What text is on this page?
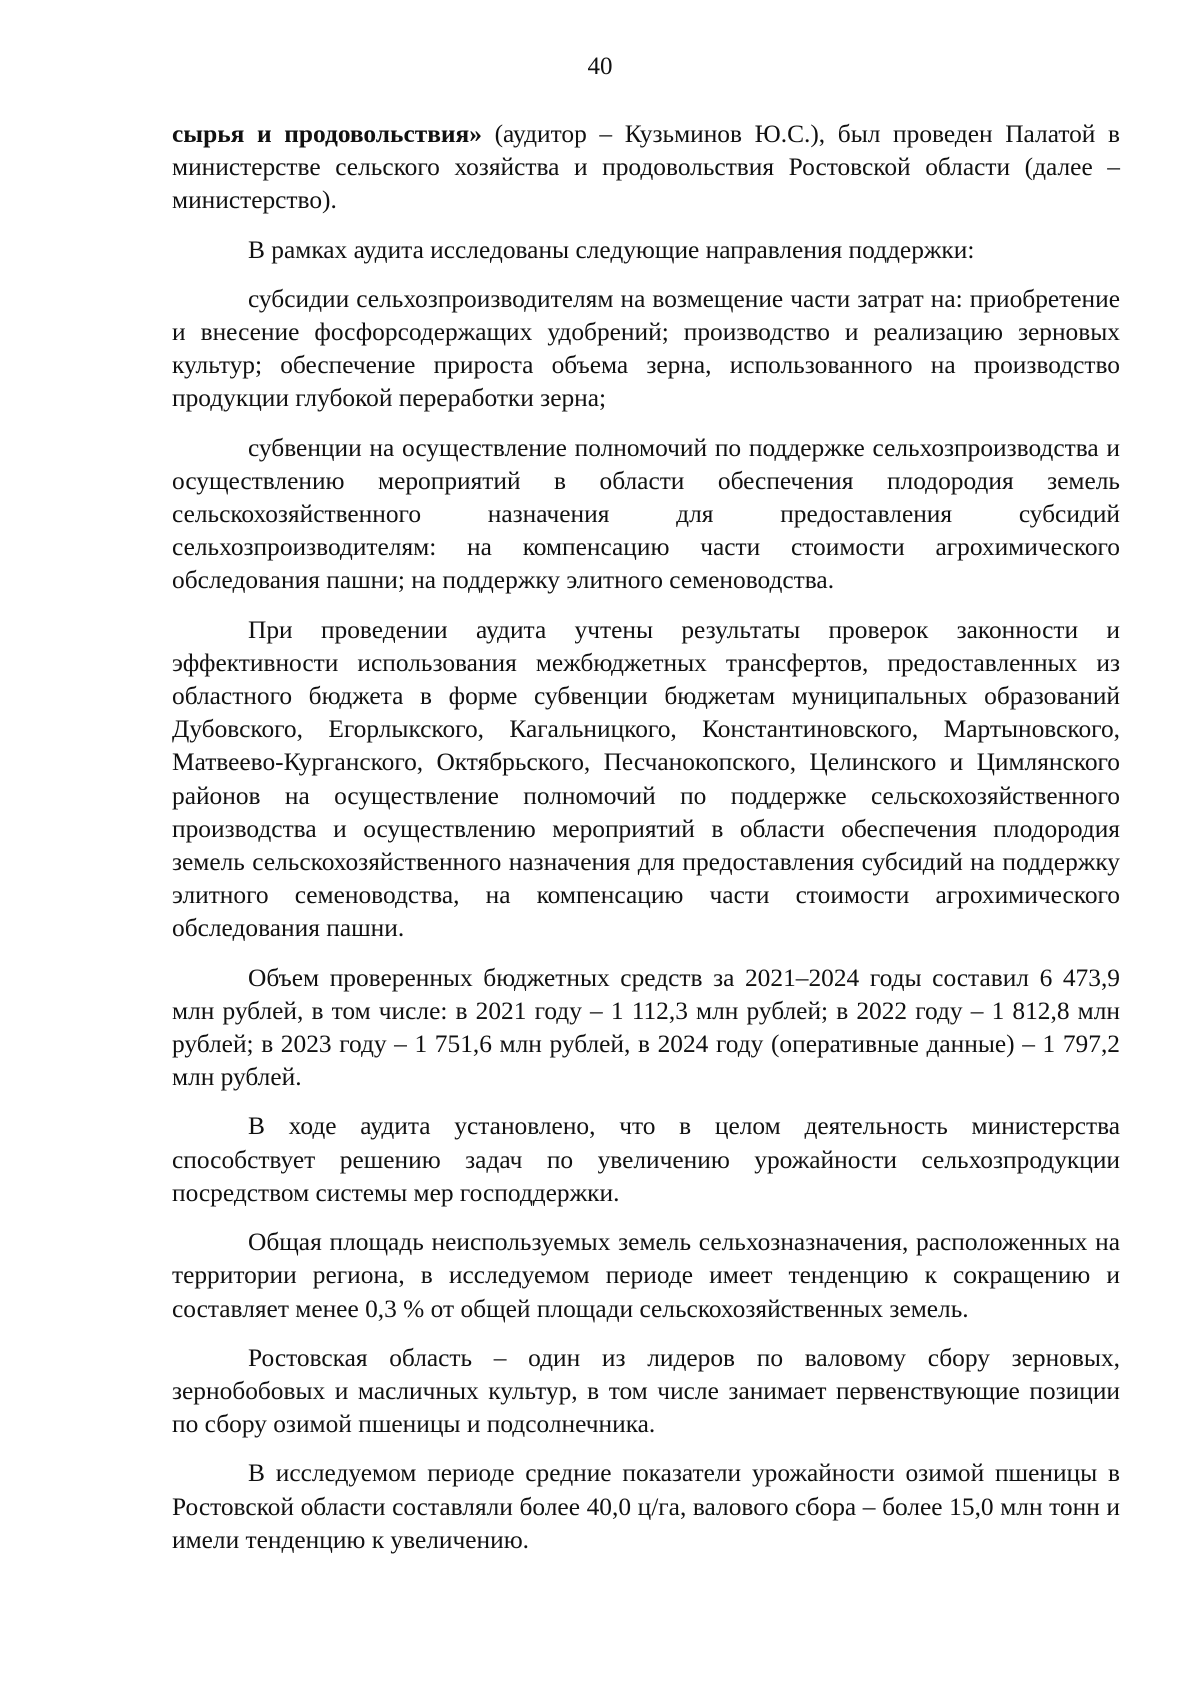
40

сырья и продовольствия» (аудитор – Кузьминов Ю.С.), был проведен Палатой в министерстве сельского хозяйства и продовольствия Ростовской области (далее – министерство).

В рамках аудита исследованы следующие направления поддержки:

субсидии сельхозпроизводителям на возмещение части затрат на: приобретение и внесение фосфорсодержащих удобрений; производство и реализацию зерновых культур; обеспечение прироста объема зерна, использованного на производство продукции глубокой переработки зерна;

субвенции на осуществление полномочий по поддержке сельхозпроизводства и осуществлению мероприятий в области обеспечения плодородия земель сельскохозяйственного назначения для предоставления субсидий сельхозпроизводителям: на компенсацию части стоимости агрохимического обследования пашни; на поддержку элитного семеноводства.

При проведении аудита учтены результаты проверок законности и эффективности использования межбюджетных трансфертов, предоставленных из областного бюджета в форме субвенции бюджетам муниципальных образований Дубовского, Егорлыкского, Кагальницкого, Константиновского, Мартыновского, Матвеево-Курганского, Октябрьского, Песчанокопского, Целинского и Цимлянского районов на осуществление полномочий по поддержке сельскохозяйственного производства и осуществлению мероприятий в области обеспечения плодородия земель сельскохозяйственного назначения для предоставления субсидий на поддержку элитного семеноводства, на компенсацию части стоимости агрохимического обследования пашни.

Объем проверенных бюджетных средств за 2021–2024 годы составил 6 473,9 млн рублей, в том числе: в 2021 году – 1 112,3 млн рублей; в 2022 году – 1 812,8 млн рублей; в 2023 году – 1 751,6 млн рублей, в 2024 году (оперативные данные) – 1 797,2 млн рублей.

В ходе аудита установлено, что в целом деятельность министерства способствует решению задач по увеличению урожайности сельхозпродукции посредством системы мер господдержки.

Общая площадь неиспользуемых земель сельхозназначения, расположенных на территории региона, в исследуемом периоде имеет тенденцию к сокращению и составляет менее 0,3 % от общей площади сельскохозяйственных земель.

Ростовская область – один из лидеров по валовому сбору зерновых, зернобобовых и масличных культур, в том числе занимает первенствующие позиции по сбору озимой пшеницы и подсолнечника.

В исследуемом периоде средние показатели урожайности озимой пшеницы в Ростовской области составляли более 40,0 ц/га, валового сбора – более 15,0 млн тонн и имели тенденцию к увеличению.
